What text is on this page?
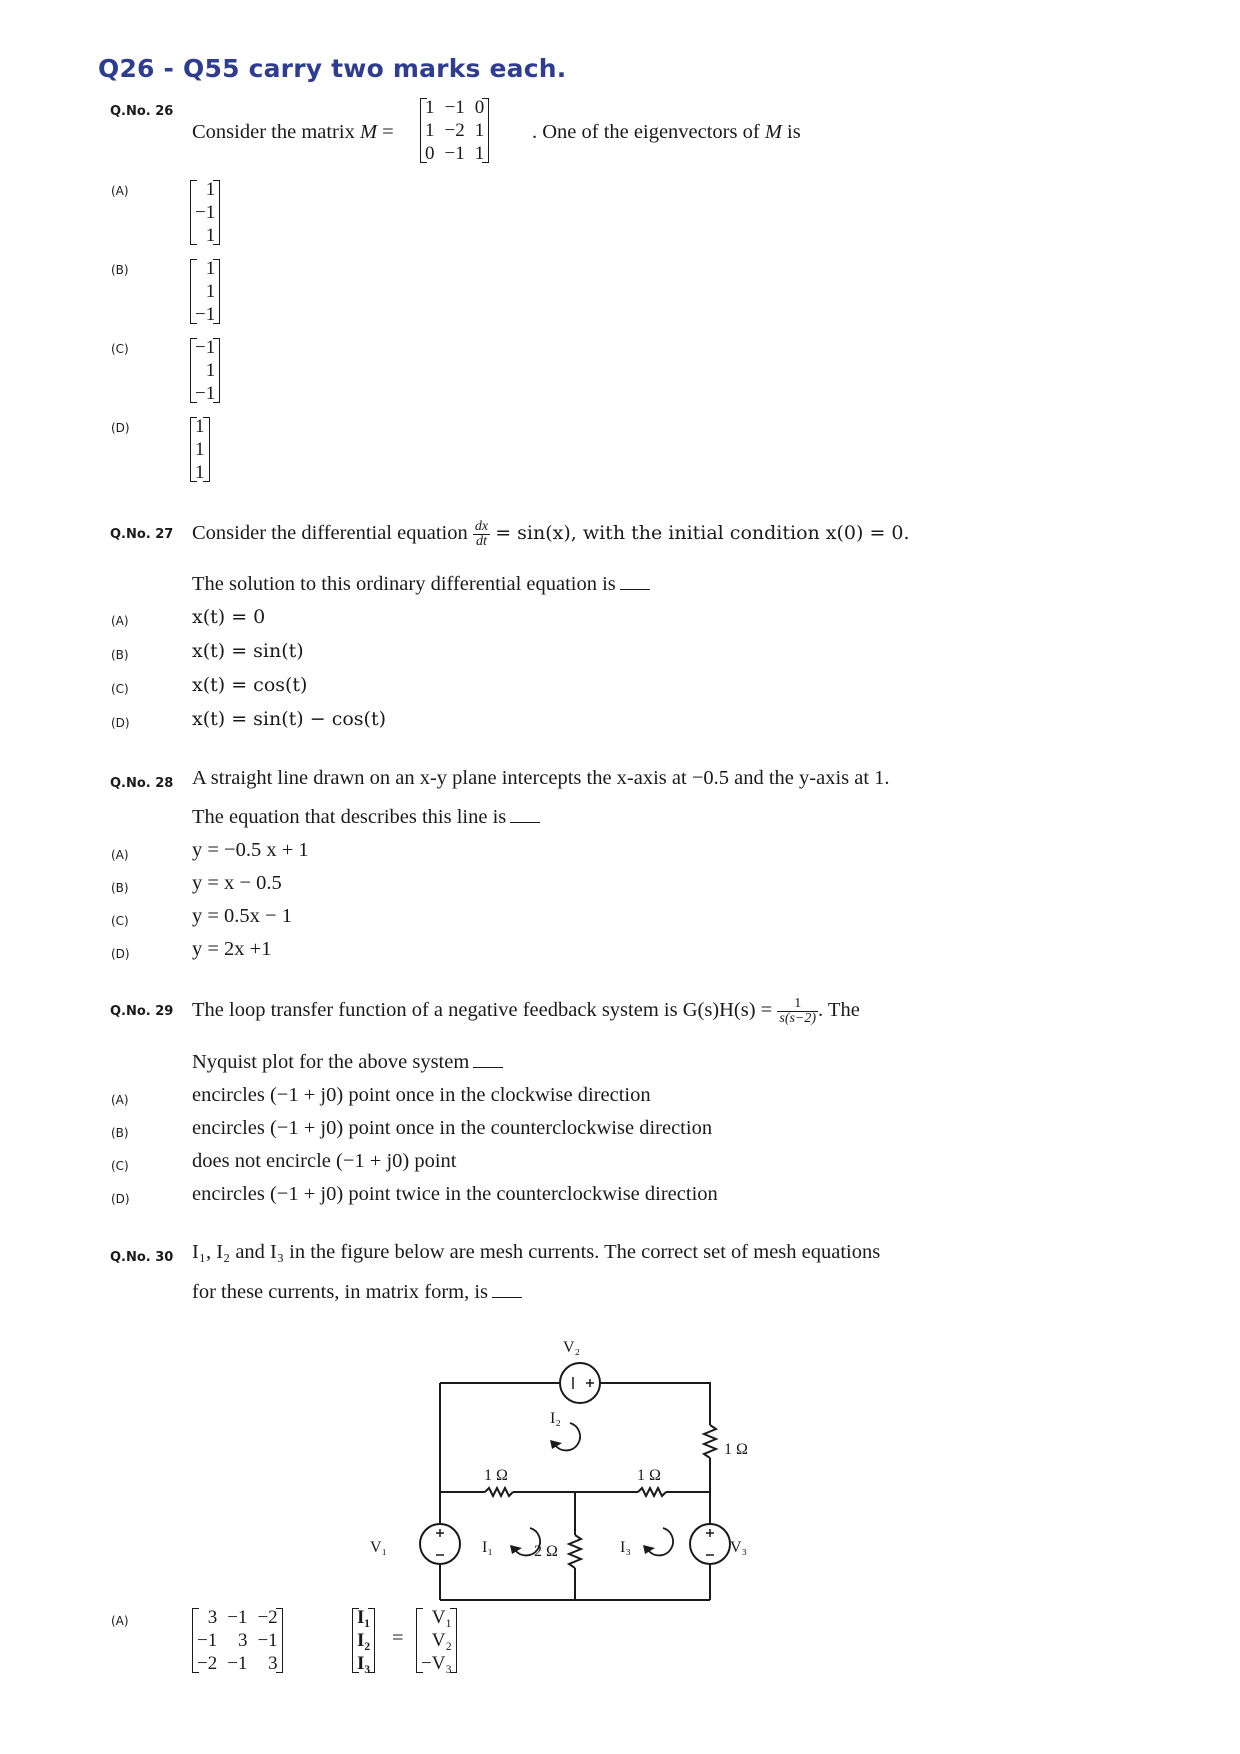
Q26 - Q55 carry two marks each.
Q.No. 26
Consider the matrix M =
1	−1	0
1	−2	1
0	−1	1
. One of the eigenvectors of M is
(A)	1
−1
1
(B)	1
1
−1
(C)	−1
1
−1
(D)	1
1
1
Q.No. 27 Consider the differential equation $\frac{dx}{dt} = \sin(x)$, with the initial condition x(0) = 0.
The solution to this ordinary differential equation is
(A)	x(t) = 0
(B)	x(t) = sin(t)
(C)	x(t) = cos(t)
(D)	x(t) = sin(t) − cos(t)
Q.No. 28 A straight line drawn on an x-y plane intercepts the x-axis at −0.5 and the y-axis at 1.
The equation that describes this line is
(A)	y = −0.5 x + 1
(B)	y = x − 0.5
(C)	y = 0.5x − 1
(D)	y = 2x +1
Q.No. 29 The loop transfer function of a negative feedback system is $G(s)H(s) = \frac{1}{s(s-2)}$ . The
Nyquist plot for the above system
(A)	encircles (−1 + j0) point once in the clockwise direction
(B)	encircles (−1 + j0) point once in the counterclockwise direction
(C)	does not encircle (−1 + j0) point
(D)	encircles (−1 + j0) point twice in the counterclockwise direction
Q.No. 30 I₁, I₂ and I₃ in the figure below are mesh currents. The correct set of mesh equations
for these currents, in matrix form, is
V₂
I₂
1 Ω
1 Ω	1 Ω
2 Ω
V₁	V₃
I₁	I₃
(A)	3	−1	−2
−1	3	−1
−2	−1	3
I₁
I₂
I₃
=
V₁
V₂
−V₃
